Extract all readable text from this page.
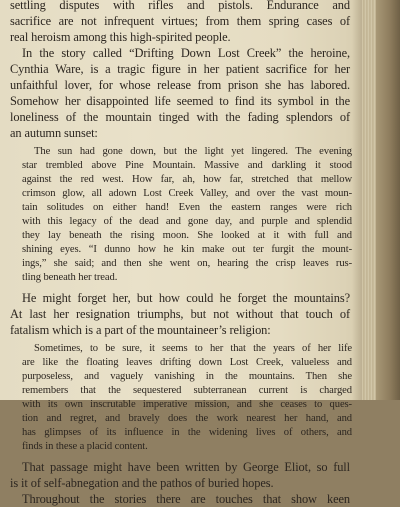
settling disputes with rifles and pistols. Endurance and
sacrifice are not infrequent virtues; from them spring cases of
real heroism among this high-spirited people.
In the story called “Drifting Down Lost Creek” the heroine,
Cynthia Ware, is a tragic figure in her patient sacrifice for her
unfaithful lover, for whose release from prison she has labored.
Somehow her disappointed life seemed to find its symbol in the
loneliness of the mountain tinged with the fading splendors of
an autumn sunset:
The sun had gone down, but the light yet lingered. The evening
star trembled above Pine Mountain. Massive and darkling it stood
against the red west. How far, ah, how far, stretched that mellow
crimson glow, all adown Lost Creek Valley, and over the vast moun-
tain solitudes on either hand! Even the eastern ranges were rich
with this legacy of the dead and gone day, and purple and splendid
they lay beneath the rising moon. She looked at it with full and
shining eyes. “I dunno how he kin make out ter furgit the mount-
ings,” she said; and then she went on, hearing the crisp leaves rus-
tling beneath her tread.
He might forget her, but how could he forget the mountains?
At last her resignation triumphs, but not without that touch of
fatalism which is a part of the mountaineer’s religion:
Sometimes, to be sure, it seems to her that the years of her life
are like the floating leaves drifting down Lost Creek, valueless and
purposeless, and vaguely vanishing in the mountains. Then she
remembers that the sequestered subterranean current is charged
with its own inscrutable imperative mission, and she ceases to ques-
tion and regret, and bravely does the work nearest her hand, and
has glimpses of its influence in the widening lives of others, and
finds in these a placid content.
That passage might have been written by George Eliot, so full
is it of self-abnegation and the pathos of buried hopes.
Throughout the stories there are touches that show keen
